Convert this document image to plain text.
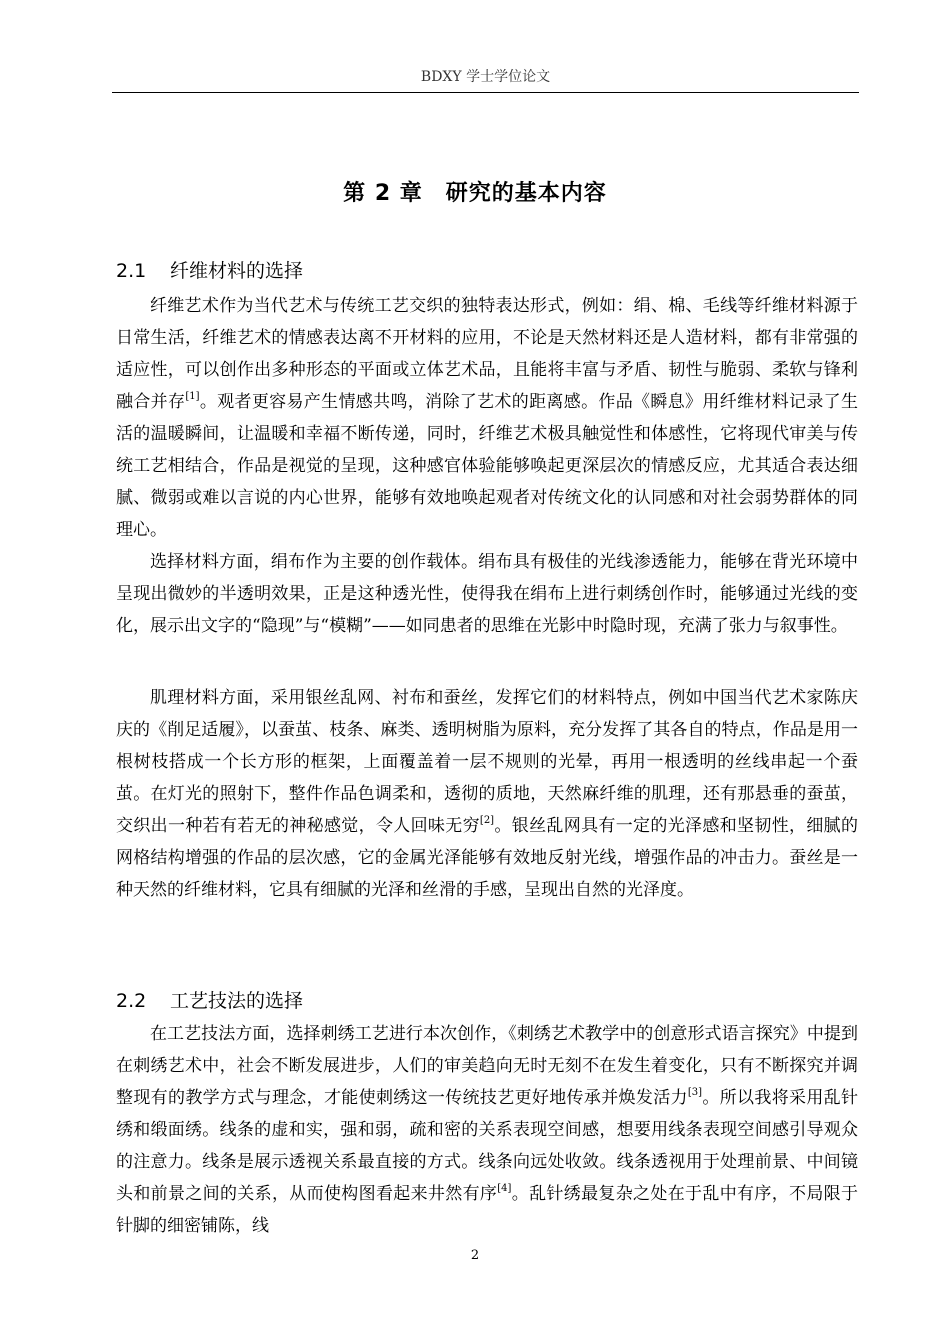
BDXY 学士学位论文
第 2 章　研究的基本内容
2.1 纤维材料的选择
纤维艺术作为当代艺术与传统工艺交织的独特表达形式，例如：绢、棉、毛线等纤维材料源于日常生活，纤维艺术的情感表达离不开材料的应用，不论是天然材料还是人造材料，都有非常强的适应性，可以创作出多种形态的平面或立体艺术品，且能将丰富与矛盾、韧性与脆弱、柔软与锋利融合并存[1]。观者更容易产生情感共鸣，消除了艺术的距离感。作品《瞬息》用纤维材料记录了生活的温暖瞬间，让温暖和幸福不断传递，同时，纤维艺术极具触觉性和体感性，它将现代审美与传统工艺相结合，作品是视觉的呈现，这种感官体验能够唤起更深层次的情感反应，尤其适合表达细腻、微弱或难以言说的内心世界，能够有效地唤起观者对传统文化的认同感和对社会弱势群体的同理心。
选择材料方面，绢布作为主要的创作载体。绢布具有极佳的光线渗透能力，能够在背光环境中呈现出微妙的半透明效果，正是这种透光性，使得我在绢布上进行刺绣创作时，能够通过光线的变化，展示出文字的“隐现”与“模糊”——如同患者的思维在光影中时隐时现，充满了张力与叙事性。
肌理材料方面，采用银丝乱网、衬布和蚕丝，发挥它们的材料特点，例如中国当代艺术家陈庆庆的《削足适履》，以蚕茧、枝条、麻类、透明树脂为原料，充分发挥了其各自的特点，作品是用一根树枝搭成一个长方形的框架，上面覆盖着一层不规则的光晕，再用一根透明的丝线串起一个蚕茧。在灯光的照射下，整件作品色调柔和，透彻的质地，天然麻纤维的肌理，还有那悬垂的蚕茧，交织出一种若有若无的神秘感觉，令人回味无穷[2]。银丝乱网具有一定的光泽感和坚韧性，细腻的网格结构增强的作品的层次感，它的金属光泽能够有效地反射光线，增强作品的冲击力。蚕丝是一种天然的纤维材料，它具有细腻的光泽和丝滑的手感，呈现出自然的光泽度。
2.2 工艺技法的选择
在工艺技法方面，选择刺绣工艺进行本次创作，《刺绣艺术教学中的创意形式语言探究》中提到在刺绣艺术中，社会不断发展进步，人们的审美趋向无时无刻不在发生着变化，只有不断探究并调整现有的教学方式与理念，才能使刺绣这一传统技艺更好地传承并焕发活力[3]。所以我将采用乱针绣和缎面绣。线条的虚和实，强和弱，疏和密的关系表现空间感，想要用线条表现空间感引导观众的注意力。线条是展示透视关系最直接的方式。线条向远处收敛。线条透视用于处理前景、中间镜头和前景之间的关系，从而使构图看起来井然有序[4]。乱针绣最复杂之处在于乱中有序，不局限于针脚的细密铺陈，线
2
